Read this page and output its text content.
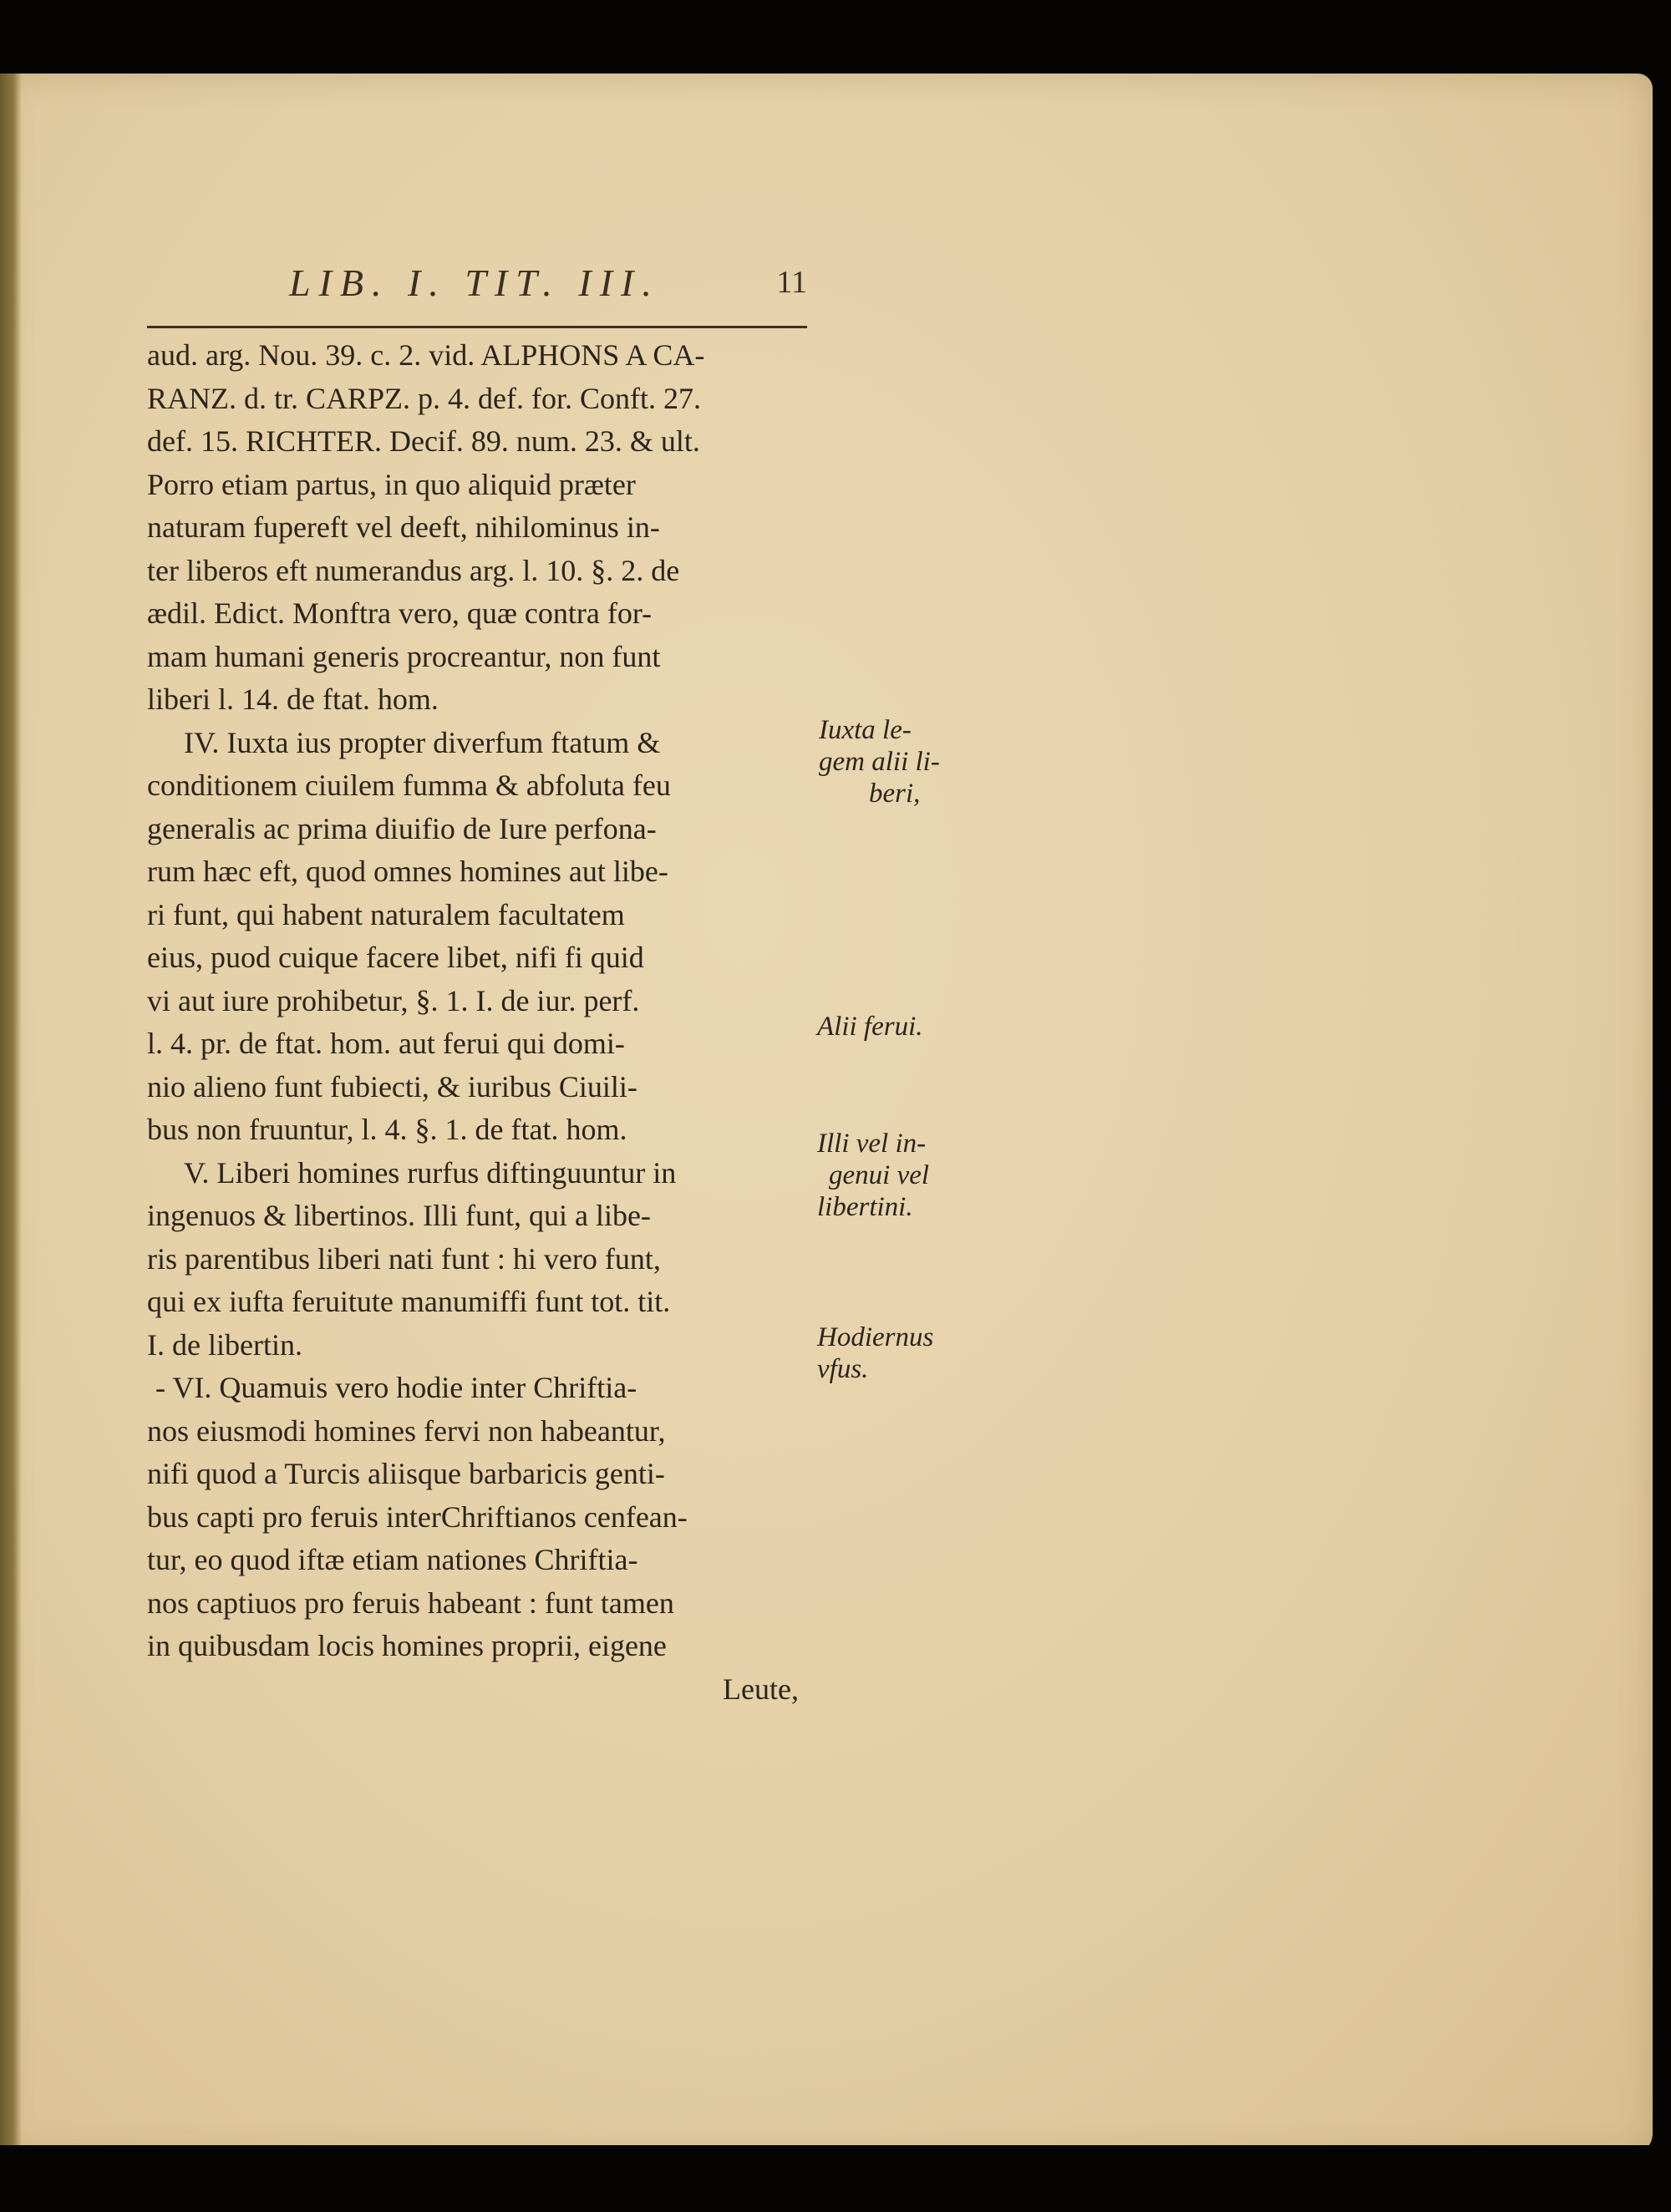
LIB. I. TIT. III.	11
aud. arg. Nou. 39. c. 2. vid. ALPHONS A CA-
RANZ. d. tr. CARPZ. p. 4. def. for. Conft. 27.
def. 15. RICHTER. Decif. 89. num. 23. & ult.
Porro etiam partus, in quo aliquid præter
naturam fupereft vel deeft, nihilominus in-
ter liberos eft numerandus arg. l. 10. §. 2. de
ædil. Edict. Monftra vero, quæ contra for-
mam humani generis procreantur, non funt
liberi l. 14. de ftat. hom.
IV. Iuxta ius propter diverfum ftatum &
conditionem ciuilem fumma & abfoluta feu
generalis ac prima diuifio de Iure perfona-
rum hæc eft, quod omnes homines aut libe-
ri funt, qui habent naturalem facultatem
eius, puod cuique facere libet, nifi fi quid
vi aut iure prohibetur, §. 1. I. de iur. perf.
l. 4. pr. de ftat. hom. aut ferui qui domi-
nio alieno funt fubiecti, & iuribus Ciuili-
bus non fruuntur, l. 4. §. 1. de ftat. hom.
V. Liberi homines rurfus diftinguuntur in
ingenuos & libertinos. Illi funt, qui a libe-
ris parentibus liberi nati funt : hi vero funt,
qui ex iufta feruitute manumiffi funt tot. tit.
I. de libertin.
- VI. Quamuis vero hodie inter Chriftia-
nos eiusmodi homines fervi non habeantur,
nifi quod a Turcis aliisque barbaricis genti-
bus capti pro feruis interChriftianos cenfean-
tur, eo quod iftæ etiam nationes Chriftia-
nos captiuos pro feruis habeant : funt tamen
in quibusdam locis homines proprii, eigene
Leute,
Iuxta le-
gem alii li-
beri,
Alii ferui.
Illi vel in-
genui vel
libertini.
Hodiernus
vfus.
